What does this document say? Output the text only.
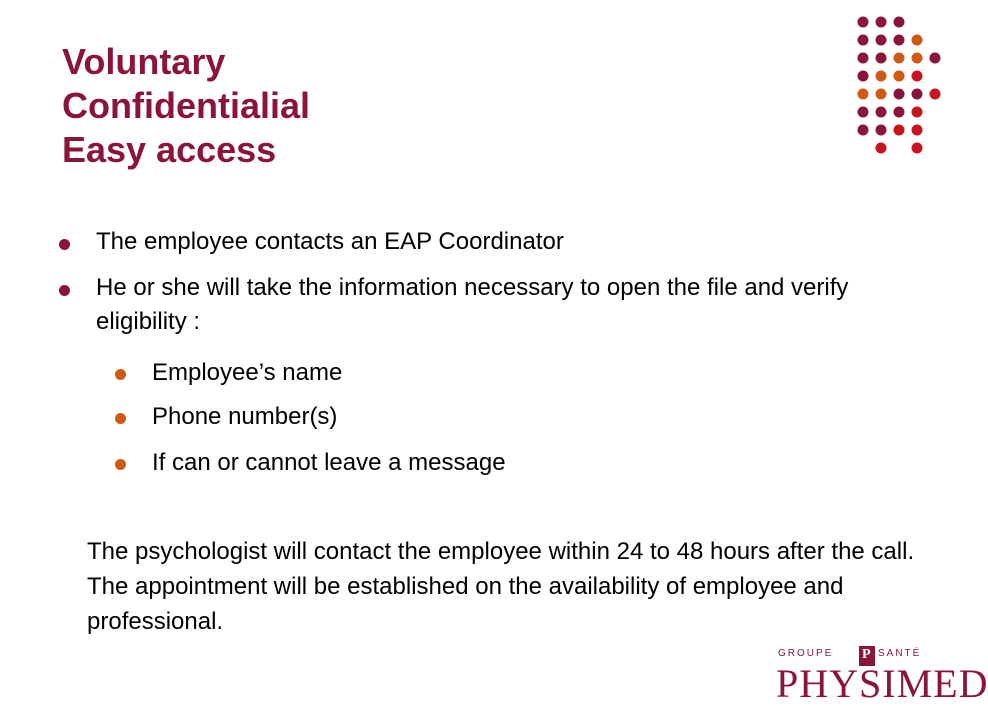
Voluntary
Confidentialial
Easy access
The employee contacts an EAP Coordinator
He or she will take the information necessary to open the file and verify eligibility :
Employee’s name
Phone number(s)
If can or cannot leave a message
The psychologist will contact the employee within 24 to 48 hours after the call. The appointment will be established on the availability of employee and professional.
GROUPE
P	SANTÉ
PHYSIMED
